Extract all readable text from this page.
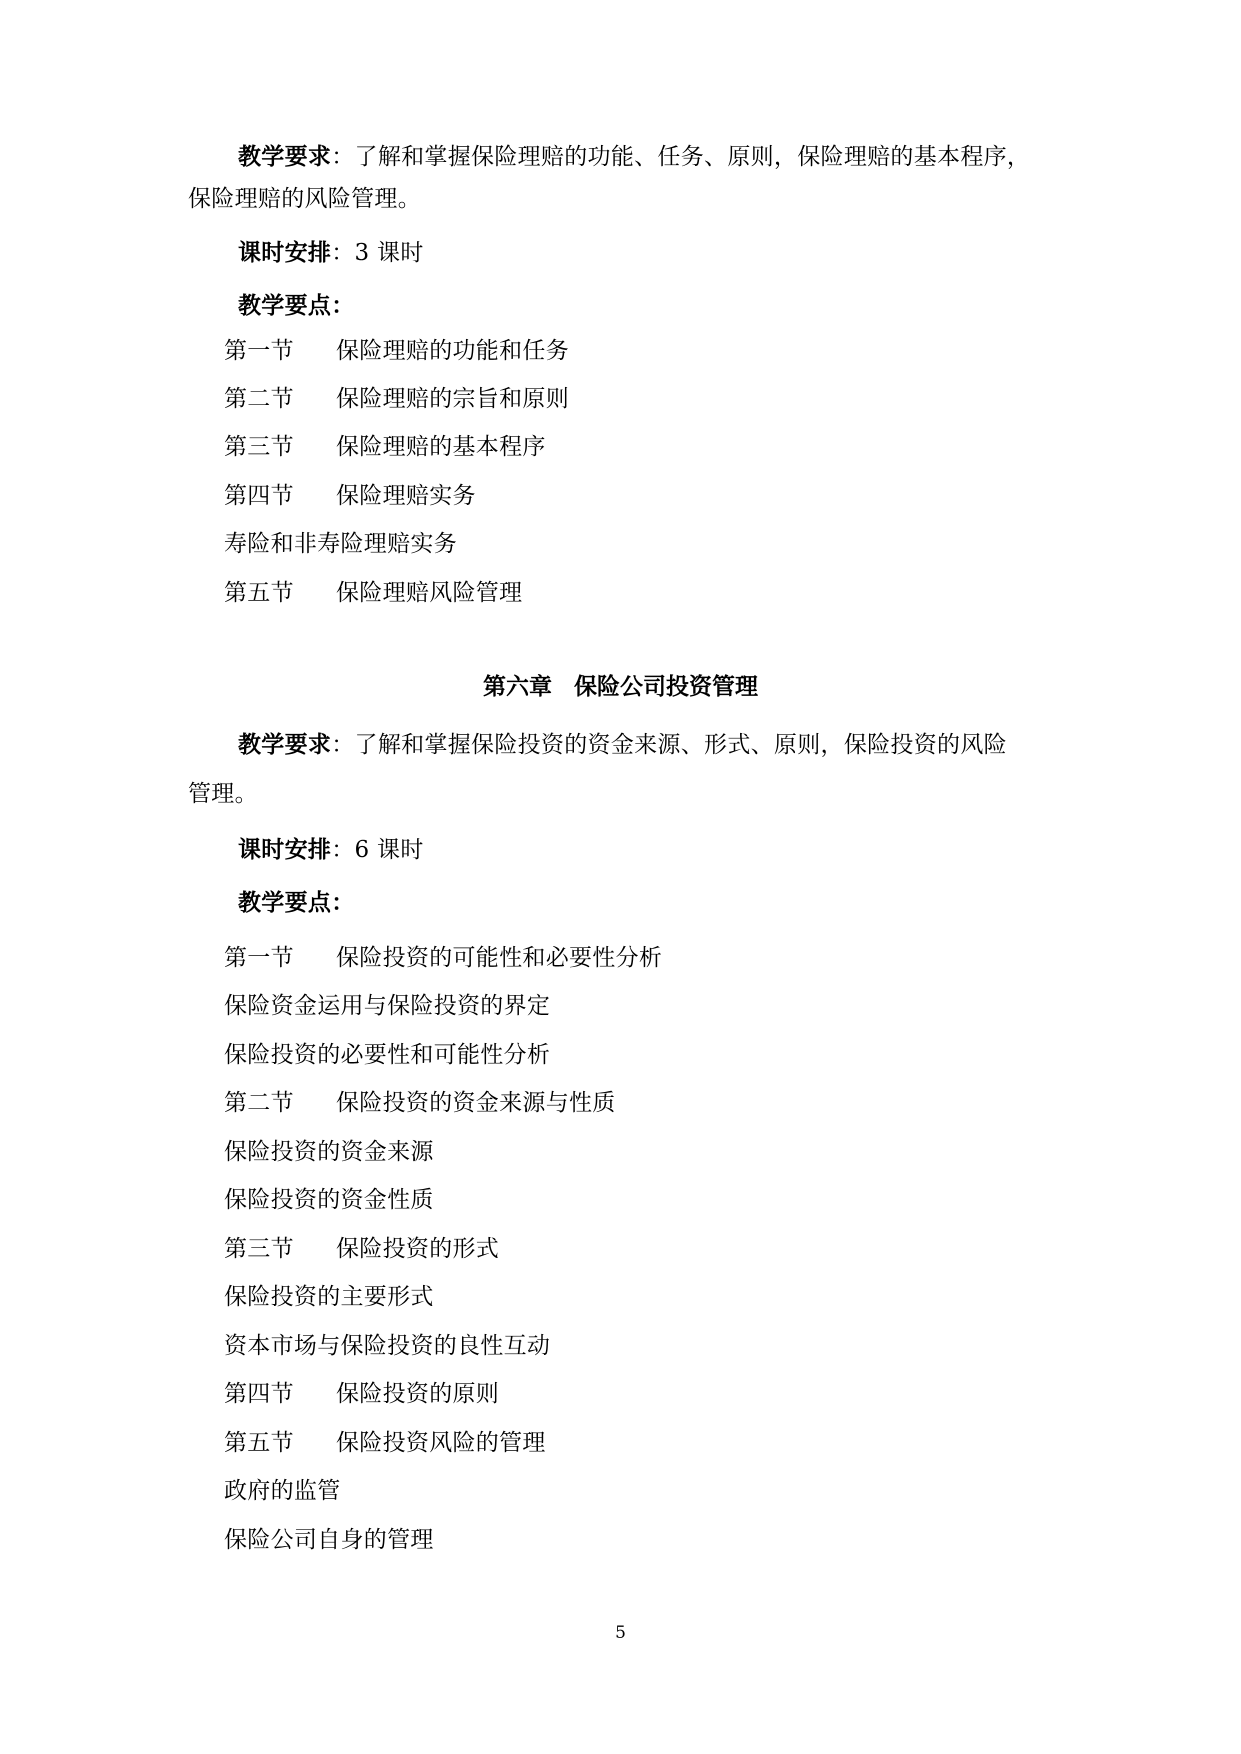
教学要求：了解和掌握保险理赔的功能、任务、原则，保险理赔的基本程序，
保险理赔的风险管理。
课时安排：3 课时
教学要点：
第一节 保险理赔的功能和任务
第二节 保险理赔的宗旨和原则
第三节 保险理赔的基本程序
第四节 保险理赔实务
寿险和非寿险理赔实务
第五节 保险理赔风险管理
第六章 保险公司投资管理
教学要求：了解和掌握保险投资的资金来源、形式、原则，保险投资的风险
管理。
课时安排：6 课时
教学要点：
第一节 保险投资的可能性和必要性分析
保险资金运用与保险投资的界定
保险投资的必要性和可能性分析
第二节 保险投资的资金来源与性质
保险投资的资金来源
保险投资的资金性质
第三节 保险投资的形式
保险投资的主要形式
资本市场与保险投资的良性互动
第四节 保险投资的原则
第五节 保险投资风险的管理
政府的监管
保险公司自身的管理
5
